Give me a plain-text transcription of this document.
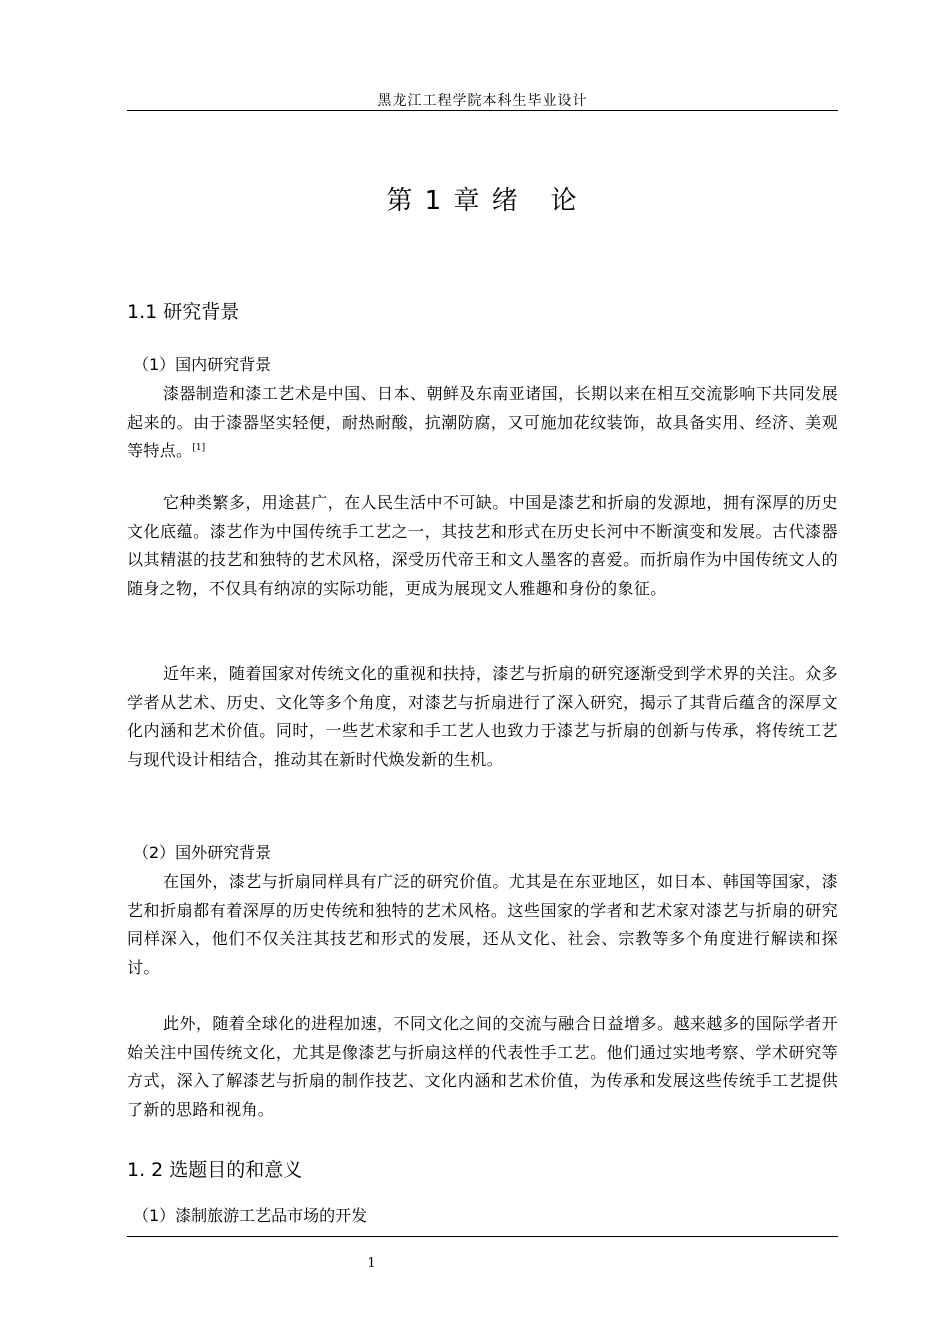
黑龙江工程学院本科生毕业设计
第 1 章 绪   论
1.1 研究背景
（1）国内研究背景

漆器制造和漆工艺术是中国、日本、朝鲜及东南亚诸国，长期以来在相互交流影响下共同发展起来的。由于漆器坚实轻便，耐热耐酸，抗潮防腐，又可施加花纹装饰，故具备实用、经济、美观等特点。[1]

它种类繁多，用途甚广，在人民生活中不可缺。中国是漆艺和折扇的发源地，拥有深厚的历史文化底蕴。漆艺作为中国传统手工艺之一，其技艺和形式在历史长河中不断演变和发展。古代漆器以其精湛的技艺和独特的艺术风格，深受历代帝王和文人墨客的喜爱。而折扇作为中国传统文人的随身之物，不仅具有纳凉的实际功能，更成为展现文人雅趣和身份的象征。

近年来，随着国家对传统文化的重视和扶持，漆艺与折扇的研究逐渐受到学术界的关注。众多学者从艺术、历史、文化等多个角度，对漆艺与折扇进行了深入研究，揭示了其背后蕴含的深厚文化内涵和艺术价值。同时，一些艺术家和手工艺人也致力于漆艺与折扇的创新与传承，将传统工艺与现代设计相结合，推动其在新时代焕发新的生机。

（2）国外研究背景

在国外，漆艺与折扇同样具有广泛的研究价值。尤其是在东亚地区，如日本、韩国等国家，漆艺和折扇都有着深厚的历史传统和独特的艺术风格。这些国家的学者和艺术家对漆艺与折扇的研究同样深入，他们不仅关注其技艺和形式的发展，还从文化、社会、宗教等多个角度进行解读和探讨。

此外，随着全球化的进程加速，不同文化之间的交流与融合日益增多。越来越多的国际学者开始关注中国传统文化，尤其是像漆艺与折扇这样的代表性手工艺。他们通过实地考察、学术研究等方式，深入了解漆艺与折扇的制作技艺、文化内涵和艺术价值，为传承和发展这些传统手工艺提供了新的思路和视角。

1. 2 选题目的和意义
（1）漆制旅游工艺品市场的开发
1
